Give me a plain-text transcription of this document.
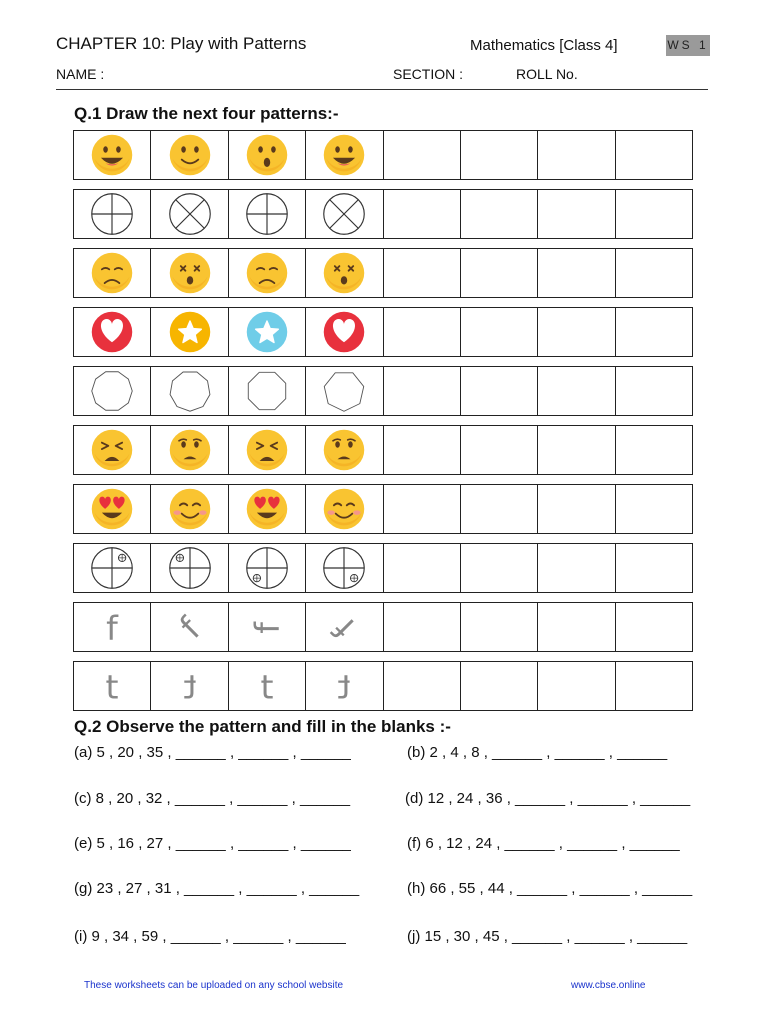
CHAPTER 10: Play with Patterns	Mathematics [Class 4]	WS 1
NAME :	SECTION :	ROLL No.
Q.1 Draw the next four patterns:-
f f f f
t t t t
Q.2 Observe the pattern and fill in the blanks :-
(a) 5 , 20 , 35 , ______ , ______ , ______	(b) 2 , 4 , 8 , ______ , ______ , ______
(c) 8 , 20 , 32 , ______ , ______ , ______	(d) 12 , 24 , 36 , ______ , ______ , ______
(e) 5 , 16 , 27 , ______ , ______ , ______	(f) 6 , 12 , 24 , ______ , ______ , ______
(g) 23 , 27 , 31 , ______ , ______ , ______	(h) 66 , 55 , 44 , ______ , ______ , ______
(i) 9 , 34 , 59 , ______ , ______ , ______	(j) 15 , 30 , 45 , ______ , ______ , ______
These worksheets can be uploaded on any school website	www.cbse.online
